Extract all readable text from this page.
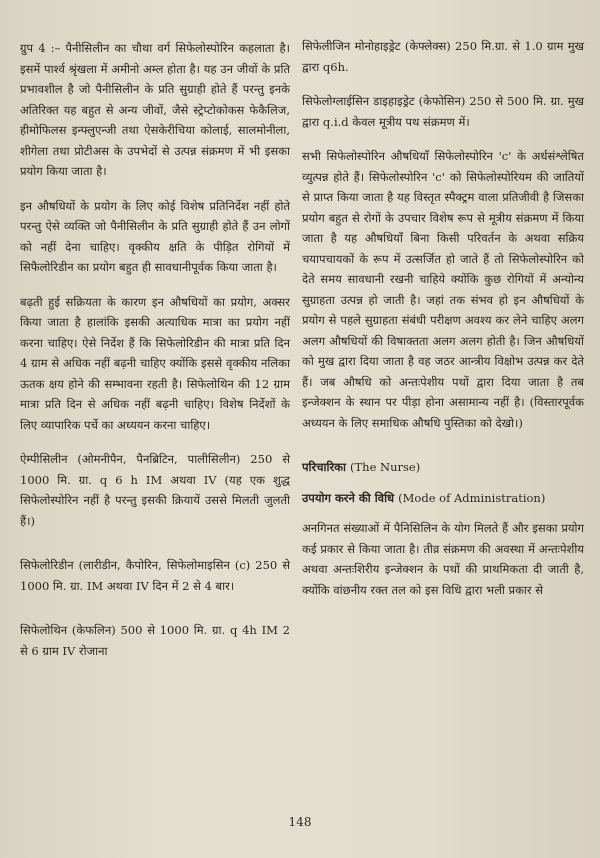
ग्रुप 4 :– पैनीसिलीन का चौथा वर्ग सिफेलोस्पोरिन कहलाता है। इसमें पार्श्व श्रृंखला में अमीनो अम्ल होता है। यह उन जीवों के प्रति प्रभावशील है जो पैनीसिलीन के प्रति सुग्राही होते हैं परन्तु इनके अतिरिक्त यह बहुत से अन्य जीवों, जैसे स्ट्रेप्टोकोकस फेकैलिज, हीमोफिलस इन्फ्लुएन्जी तथा ऐसकेरीचिया कोलाई, सालमोनीला, शीगेला तथा प्रोटीअस के उपभेदों से उत्पन्न संक्रमण में भी इसका प्रयोग किया जाता है।

इन औषधियों के प्रयोग के लिए कोई विशेष प्रतिनिर्देश नहीं होते परन्तु ऐसे व्यक्ति जो पैनीसिलीन के प्रति सुग्राही होते हैं उन लोगों को नहीं देना चाहिए। वृक्कीय क्षति के पीड़ित रोगियों में सिफैलोरिडीन का प्रयोग बहुत ही सावधानीपूर्वक किया जाता है।

बढ़ती हुई सक्रियता के कारण इन औषधियों का प्रयोग, अक्सर किया जाता है हालांकि इसकी अत्याधिक मात्रा का प्रयोग नहीं करना चाहिए। ऐसे निर्देश हैं कि सिफेलोरिडीन की मात्रा प्रति दिन 4 ग्राम से अधिक नहीं बढ़नी चाहिए क्योंकि इससे वृक्कीय नलिका ऊतक क्षय होने की सम्भावना रहती है। सिफेलोथिन की 12 ग्राम मात्रा प्रति दिन से अधिक नहीं बढ़नी चाहिए। विशेष निर्देशों के लिए व्यापारिक पर्चे का अध्ययन करना चाहिए।

ऐम्पीसिलीन (ओमनीपैन, पैनब्रिटिन, पालीसिलीन) 250 से 1000 मि. ग्रा. q 6 h IM अथवा IV (यह एक शुद्ध सिफेलोस्पोरिन नहीं है परन्तु इसकी क्रियायें उससे मिलती जुलती हैं।)

सिफेलोरिडीन (लारीडीन, कैपोरिन, सिफेलोमाइसिन (c) 250 से 1000 मि. ग्रा. IM अथवा IV दिन में 2 से 4 बार।

सिफेलोथिन (केफलिन) 500 से 1000 मि. ग्रा. q 4h IM 2 से 6 ग्राम IV रोजाना

सिफेलीजिन मोनोहाइड्रेट (केफ्लेक्स) 250 मि.ग्रा. से 1.0 ग्राम मुख द्वारा q6h.

सिफेलोग्लाईसिन डाइहाइड्रेट (केफोसिन) 250 से 500 मि. ग्रा. मुख द्वारा q.i.d केवल मूत्रीय पथ संक्रमण में।

सभी सिफेलोस्पोरिन औषधियाँ सिफेलोस्पोरिन 'c' के अर्धसंश्लेषित व्युत्पन्न होते हैं। सिफेलोस्पोरिन 'c' को सिफेलोस्पोरियम की जातियों से प्राप्त किया जाता है यह विस्तृत स्पैक्ट्रम वाला प्रतिजीवी है जिसका प्रयोग बहुत से रोगों के उपचार विशेष रूप से मूत्रीय संक्रमण में किया जाता है यह औषधियाँ बिना किसी परिवर्तन के अथवा सक्रिय चयापचायकों के रूप में उत्सर्जित हो जाते हैं तो सिफेलोस्पोरिन को देते समय सावधानी रखनी चाहिये क्योंकि कुछ रोगियों में अन्योन्य सुग्राहता उत्पन्न हो जाती है। जहां तक संभव हो इन औषधियों के प्रयोग से पहले सुग्राहता संबंधी परीक्षण अवश्य कर लेने चाहिए अलग अलग औषधियों की विषाक्तता अलग अलग होती है। जिन औषधियों को मुख द्वारा दिया जाता है वह जठर आन्त्रीय विक्षोभ उत्पन्न कर देते हैं। जब औषधि को अन्तःपेशीय पथों द्वारा दिया जाता है तब इन्जेक्शन के स्थान पर पीड़ा होना असामान्य नहीं है। (विस्तारपूर्वक अध्ययन के लिए समाधिक औषधि पुस्तिका को देखो।)

परिचारिका (The Nurse)
उपयोग करने की विधि (Mode of Administration)

अनगिनत संख्याओं में पैनिसिलिन के योग मिलते हैं और इसका प्रयोग कई प्रकार से किया जाता है। तीव्र संक्रमण की अवस्था में अन्तःपेशीय अथवा अन्तःशिरीय इन्जेक्शन के पथों की प्राथमिकता दी जाती है, क्योंकि वांछनीय रक्त तल को इस विधि द्वारा भली प्रकार से

148
